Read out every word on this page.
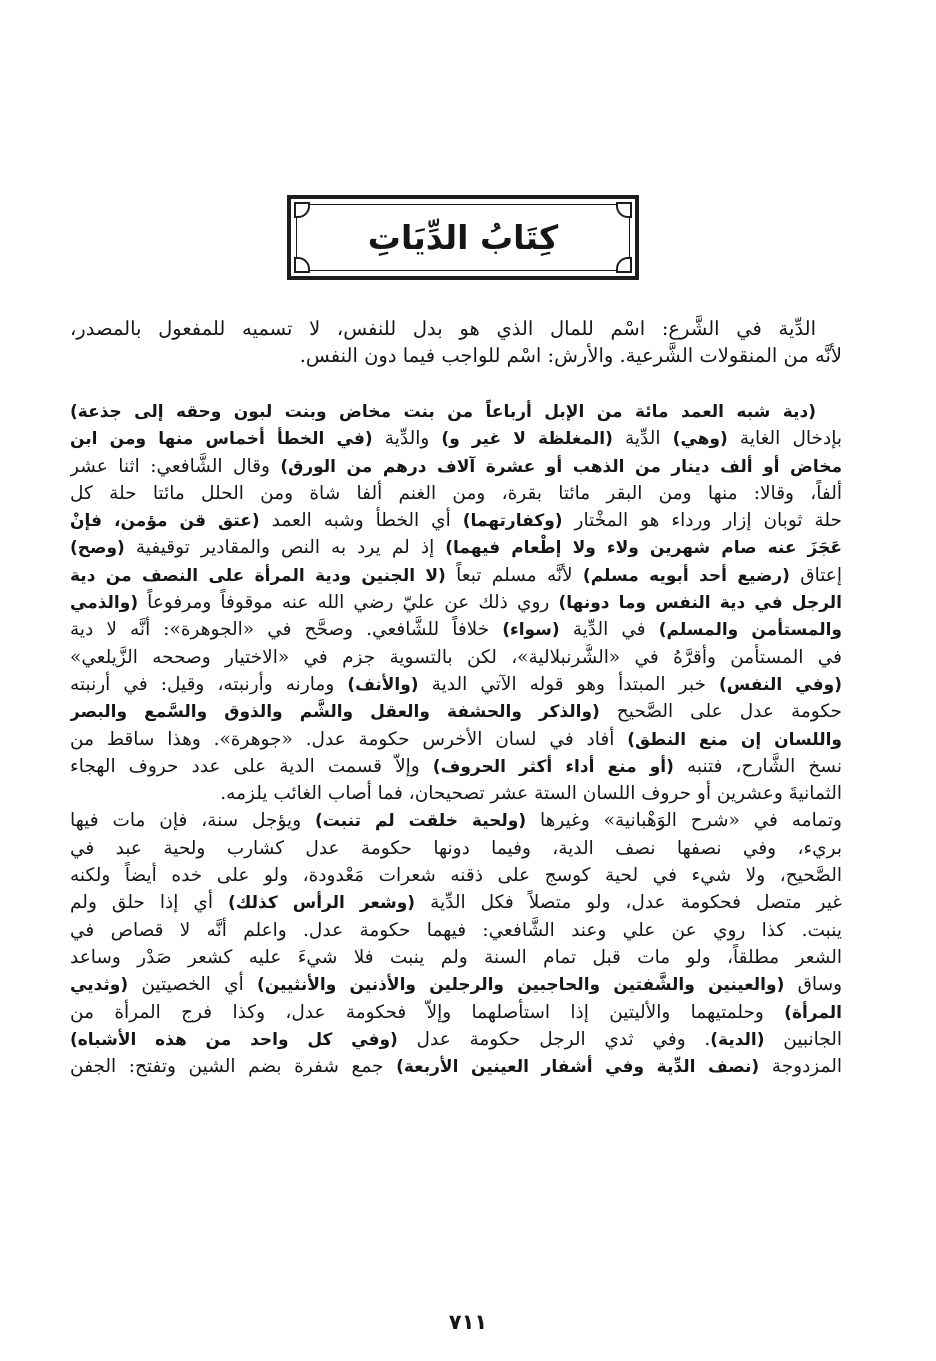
كِتَابُ الدِّيَاتِ
الدِّية في الشَّرع: اسْم للمال الذي هو بدل للنفس، لا تسميه للمفعول بالمصدر،
لأنَّه من المنقولات الشَّرعية. والأرش: اسْم للواجب فيما دون النفس.
(دية شبه العمد مائة من الإبل أرباعاً من بنت مخاض وبنت لبون وحقه إلى جذعة)
بإدخال الغاية (وهي) الدِّية (المغلظة لا غير و) والدِّية (في الخطأ أخماس منها ومن ابن
مخاض أو ألف دينار من الذهب أو عشرة آلاف درهم من الورق) وقال الشَّافعي: اثنا عشر
ألفاً، وقالا: منها ومن البقر مائتا بقرة، ومن الغنم ألفا شاة ومن الحلل مائتا حلة كل
حلة ثوبان إزار ورداء هو المخْتار (وكفارتهما) أي الخطأ وشبه العمد (عتق قن مؤمن، فإنْ
عَجَزَ عنه صام شهرين ولاء ولا إطْعام فيهما) إذ لم يرد به النص والمقادير توقيفية (وصح)
إعتاق (رضيع أحد أبويه مسلم) لأنَّه مسلم تبعاً (لا الجنين ودية المرأة على النصف من دية
الرجل في دية النفس وما دونها) روي ذلك عن عليّ رضي الله عنه موقوفاً ومرفوعاً (والذمي
والمستأمن والمسلم) في الدِّية (سواء) خلافاً للشَّافعي. وصحَّح في «الجوهرة»: أنَّه لا دية
في المستأمن وأقرَّهُ في «الشُّرنبلالية»، لكن بالتسوية جزم في «الاختيار وصححه الزَّيلعي»
(وفي النفس) خبر المبتدأ وهو قوله الآتي الدية (والأنف) ومارنه وأرنبته، وقيل: في أرنبته
حكومة عدل على الصَّحيح (والذكر والحشفة والعقل والشَّم والذوق والسَّمع والبصر
واللسان إن منع النطق) أفاد في لسان الأخرس حكومة عدل. «جوهرة». وهذا ساقط من
نسخ الشَّارح، فتنبه (أو منع أداء أكثر الحروف) وإلاَّ قسمت الدية على عدد حروف الهجاء
الثمانيةَ وعشرين أو حروف اللسان الستة عشر تصحيحان، فما أصاب الغائب يلزمه.
وتمامه في «شرح الوَهْبانية» وغيرها (ولحية خلقت لم تنبت) ويؤجل سنة، فإن مات فيها
بريء، وفي نصفها نصف الدية، وفيما دونها حكومة عدل كشارب ولحية عبد في
الصَّحيح، ولا شيء في لحية كوسج على ذقنه شعرات مَعْدودة، ولو على خده أيضاً ولكنه
غير متصل فحكومة عدل، ولو متصلاً فكل الدِّية (وشعر الرأس كذلك) أي إذا حلق ولم
ينبت. كذا روي عن علي وعند الشَّافعي: فيهما حكومة عدل. واعلم أنَّه لا قصاص في
الشعر مطلقاً، ولو مات قبل تمام السنة ولم ينبت فلا شيءَ عليه كشعر صَدْر وساعد
وساق (والعينين والشَّفتين والحاجبين والرجلين والأذنين والأنثيين) أي الخصيتين (وثديي
المرأة) وحلمتيهما والأليتين إذا استأصلهما وإلاَّ فحكومة عدل، وكذا فرج المرأة من
الجانبين (الدية). وفي ثدي الرجل حكومة عدل (وفي كل واحد من هذه الأشباه)
المزدوجة (نصف الدِّية وفي أشفار العينين الأربعة) جمع شفرة بضم الشين وتفتح: الجفن
٧١١
